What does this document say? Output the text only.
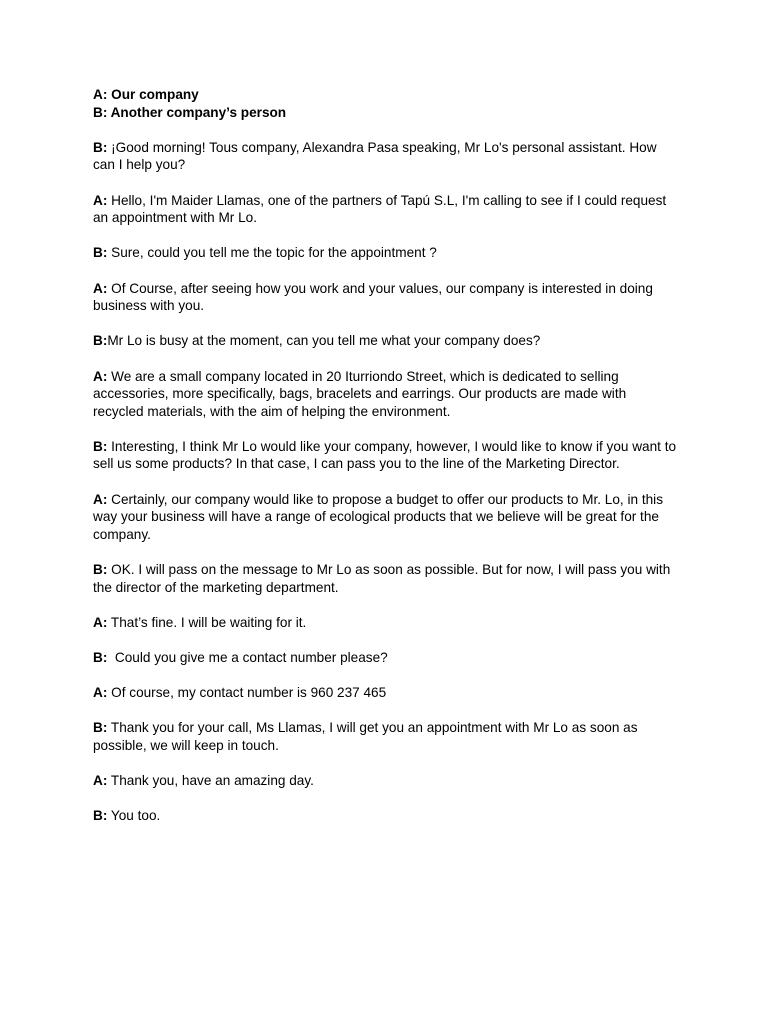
A: Our company

B: Another company’s person

B: ¡Good morning! Tous company, Alexandra Pasa speaking, Mr Lo's personal assistant. How can I help you?

A: Hello, I'm Maider Llamas, one of the partners of Tapú S.L, I'm calling to see if I could request an appointment with Mr Lo.

B: Sure, could you tell me the topic for the appointment ?

A: Of Course, after seeing how you work and your values, our company is interested in doing business with you.

B:Mr Lo is busy at the moment, can you tell me what your company does?

A: We are a small company located in 20 Iturriondo Street, which is dedicated to selling accessories, more specifically, bags, bracelets and earrings. Our products are made with recycled materials, with the aim of helping the environment.

B: Interesting, I think Mr Lo would like your company, however, I would like to know if you want to sell us some products? In that case, I can pass you to the line of the Marketing Director.

A: Certainly, our company would like to propose a budget to offer our products to Mr. Lo, in this way your business will have a range of ecological products that we believe will be great for the company.

B: OK. I will pass on the message to Mr Lo as soon as possible. But for now, I will pass you with the director of the marketing department.

A: That’s fine. I will be waiting for it.

B: Could you give me a contact number please?

A: Of course, my contact number is 960 237 465

B: Thank you for your call, Ms Llamas, I will get you an appointment with Mr Lo as soon as possible, we will keep in touch.

A: Thank you, have an amazing day.

B: You too.
